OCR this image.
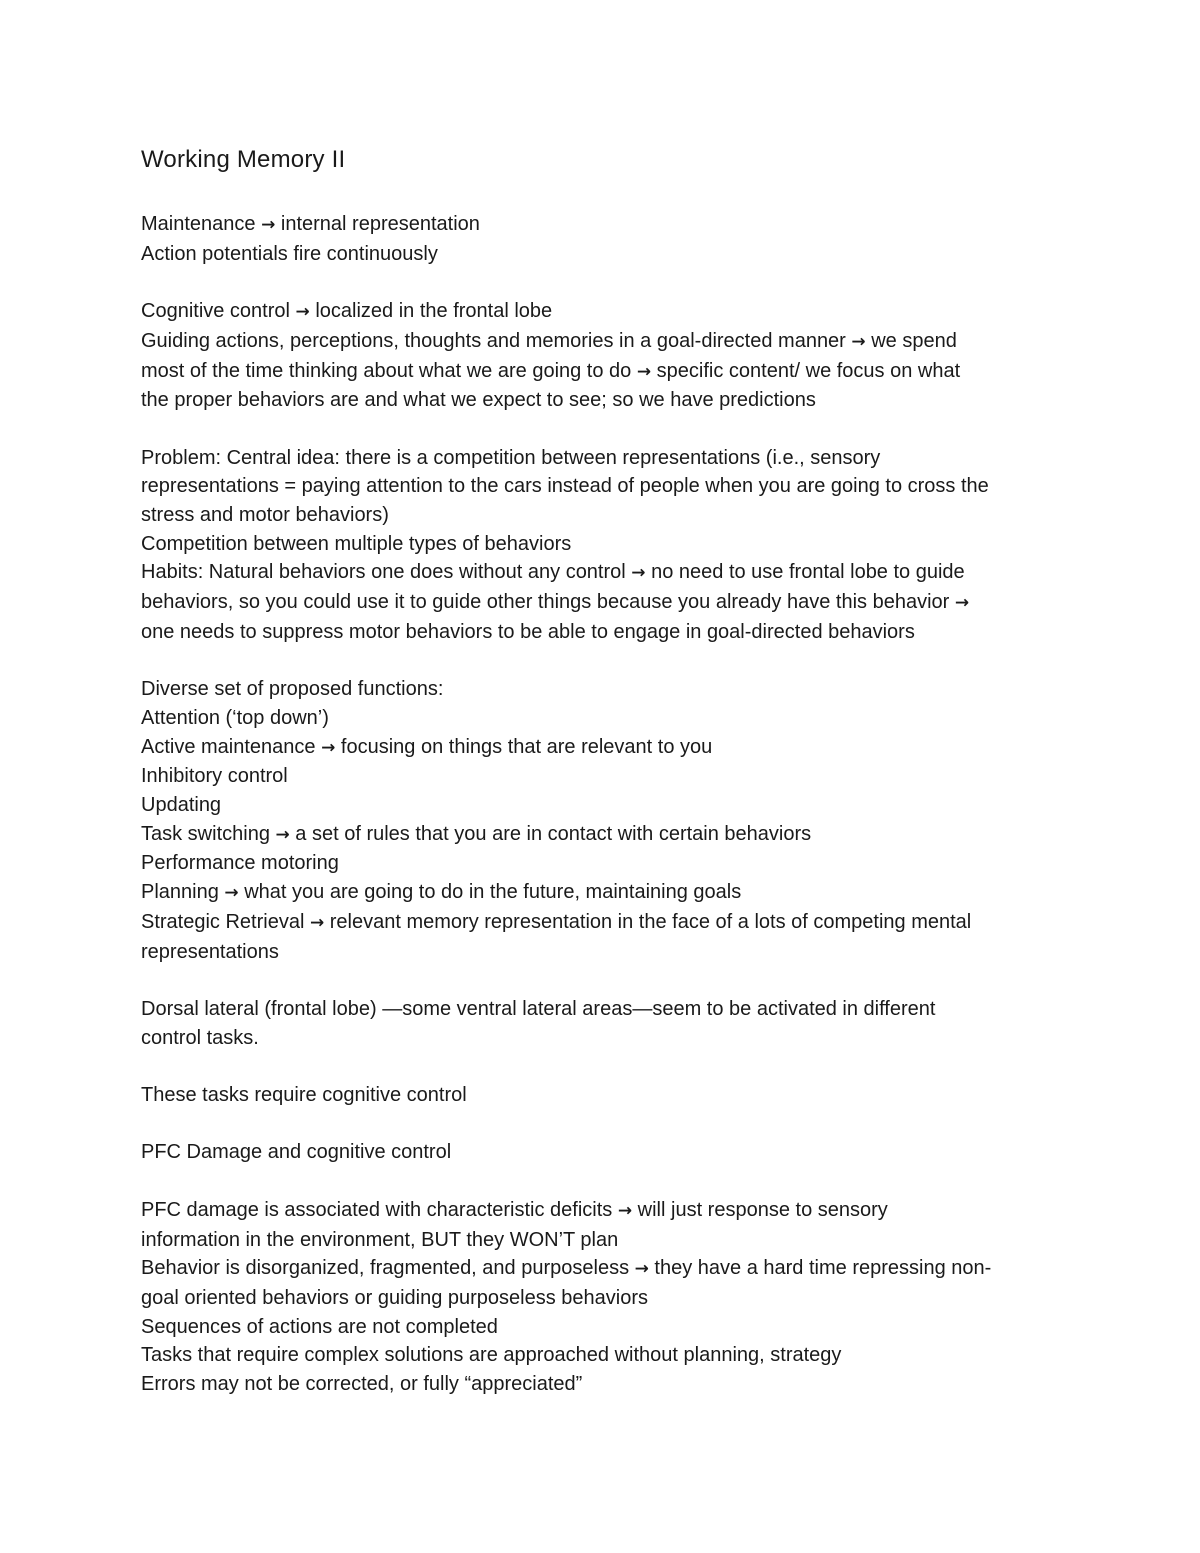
Working Memory II
Maintenance → internal representation
Action potentials fire continuously
Cognitive control → localized in the frontal lobe
Guiding actions, perceptions, thoughts and memories in a goal-directed manner → we spend
most of the time thinking about what we are going to do → specific content/ we focus on what
the proper behaviors are and what we expect to see; so we have predictions
Problem: Central idea: there is a competition between representations (i.e., sensory
representations = paying attention to the cars instead of people when you are going to cross the
stress and motor behaviors)
Competition between multiple types of behaviors
Habits: Natural behaviors one does without any control → no need to use frontal lobe to guide
behaviors, so you could use it to guide other things because you already have this behavior →
one needs to suppress motor behaviors to be able to engage in goal-directed behaviors
Diverse set of proposed functions:
Attention (‘top down’)
Active maintenance → focusing on things that are relevant to you
Inhibitory control
Updating
Task switching → a set of rules that you are in contact with certain behaviors
Performance motoring
Planning → what you are going to do in the future, maintaining goals
Strategic Retrieval → relevant memory representation in the face of a lots of competing mental
representations
Dorsal lateral (frontal lobe) —some ventral lateral areas—seem to be activated in different
control tasks.
These tasks require cognitive control
PFC Damage and cognitive control
PFC damage is associated with characteristic deficits → will just response to sensory
information in the environment, BUT they WON’T plan
Behavior is disorganized, fragmented, and purposeless → they have a hard time repressing non-
goal oriented behaviors or guiding purposeless behaviors
Sequences of actions are not completed
Tasks that require complex solutions are approached without planning, strategy
Errors may not be corrected, or fully “appreciated”
